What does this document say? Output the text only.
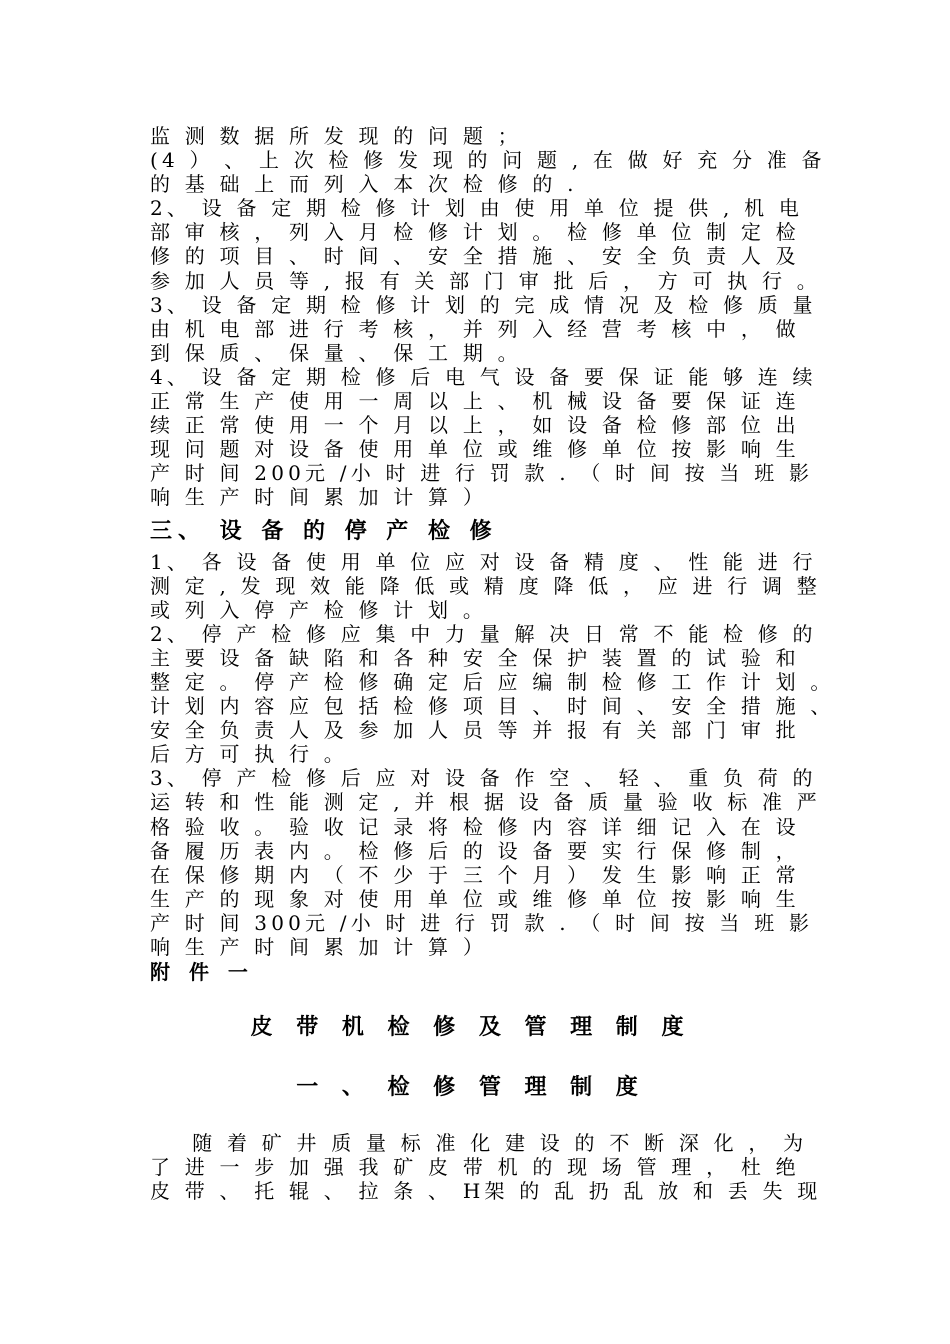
监 测 数 据 所 发 现 的 问 题 ；
(4 ） 、 上 次 检 修 发 现 的 问 题 , 在 做 好 充 分 准 备
的 基 础 上 而 列 入 本 次 检 修 的 .
2、 设 备 定 期 检 修 计 划 由 使 用 单 位 提 供 , 机 电
部 审 核 ， 列 入 月 检 修 计 划 。 检 修 单 位 制 定 检
修 的 项 目 、 时 间 、 安 全 措 施 、 安 全 负 责 人 及
参 加 人 员 等 , 报 有 关 部 门 审 批 后 ， 方 可 执 行 。
3、 设 备 定 期 检 修 计 划 的 完 成 情 况 及 检 修 质 量
由 机 电 部 进 行 考 核 ， 并 列 入 经 营 考 核 中 ， 做
到 保 质 、 保 量 、 保 工 期 。
4、 设 备 定 期 检 修 后 电 气 设 备 要 保 证 能 够 连 续
正 常 生 产 使 用 一 周 以 上 、 机 械 设 备 要 保 证 连
续 正 常 使 用 一 个 月 以 上 ， 如 设 备 检 修 部 位 出
现 问 题 对 设 备 使 用 单 位 或 维 修 单 位 按 影 响 生
产 时 间 200元 /小 时 进 行 罚 款 . （ 时 间 按 当 班 影
响 生 产 时 间 累 加 计 算 ）
三、 设 备 的 停 产 检 修
1、 各 设 备 使 用 单 位 应 对 设 备 精 度 、 性 能 进 行
测 定 , 发 现 效 能 降 低 或 精 度 降 低 ， 应 进 行 调 整
或 列 入 停 产 检 修 计 划 。
2、 停 产 检 修 应 集 中 力 量 解 决 日 常 不 能 检 修 的
主 要 设 备 缺 陷 和 各 种 安 全 保 护 装 置 的 试 验 和
整 定 。 停 产 检 修 确 定 后 应 编 制 检 修 工 作 计 划 。
计 划 内 容 应 包 括 检 修 项 目 、 时 间 、 安 全 措 施 、
安 全 负 责 人 及 参 加 人 员 等 并 报 有 关 部 门 审 批
后 方 可 执 行 。
3、 停 产 检 修 后 应 对 设 备 作 空 、 轻 、 重 负 荷 的
运 转 和 性 能 测 定 , 并 根 据 设 备 质 量 验 收 标 准 严
格 验 收 。 验 收 记 录 将 检 修 内 容 详 细 记 入 在 设
备 履 历 表 内 。 检 修 后 的 设 备 要 实 行 保 修 制 ，
在 保 修 期 内 （ 不 少 于 三 个 月 ） 发 生 影 响 正 常
生 产 的 现 象 对 使 用 单 位 或 维 修 单 位 按 影 响 生
产 时 间 300元 /小 时 进 行 罚 款 . （ 时 间 按 当 班 影
响 生 产 时 间 累 加 计 算 ）
附 件 一
皮 带 机 检 修 及 管 理 制 度
一 、 检 修 管 理 制 度
随 着 矿 井 质 量 标 准 化 建 设 的 不 断 深 化 ， 为
了 进 一 步 加 强 我 矿 皮 带 机 的 现 场 管 理 ， 杜 绝
皮 带 、 托 辊 、 拉 条 、 H架 的 乱 扔 乱 放 和 丢 失 现
